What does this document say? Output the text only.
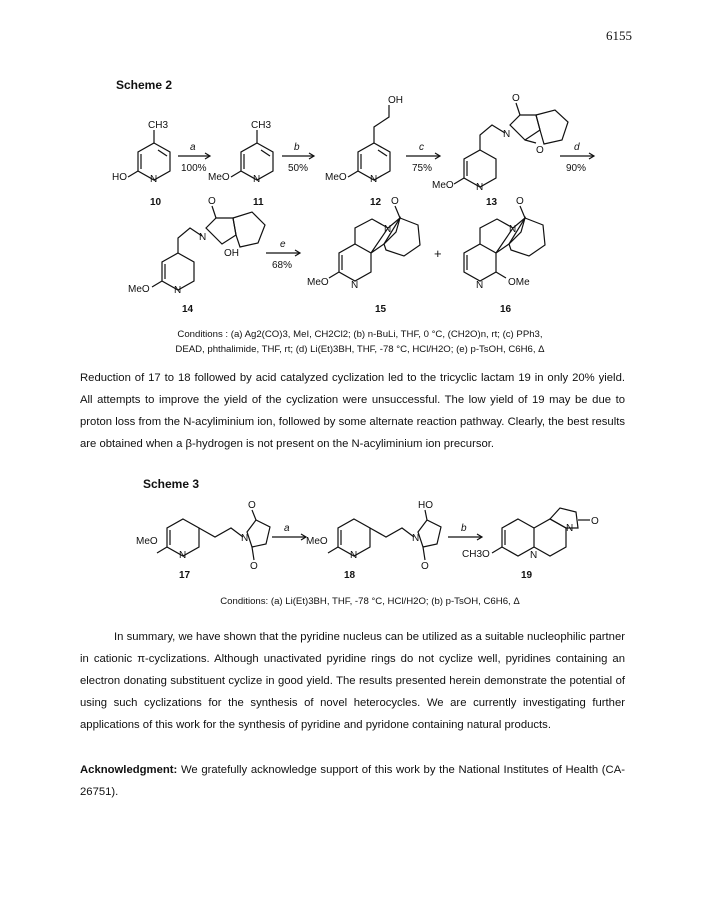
6155
Scheme 2
CH3
HO N
10
CH3
MeO N
11
OH
MeO N
12
O
O
N
MeO N
13
O
OH
N
MeO N
14
O
N
MeO N
15
O
N
OMe
N
16
+
a
100%
b
50%
c
75%
d
90%
e
68%
MeO
N
N
O
O
17
a
MeO
N
N
HO
O
18
b
CH3O	N
N
O
19
Conditions : (a) Ag2(CO)3, MeI, CH2Cl2; (b) n-BuLi, THF, 0 °C, (CH2O)n, rt; (c) PPh3,
DEAD, phthalimide, THF, rt; (d) Li(Et)3BH, THF, -78 °C, HCl/H2O; (e) p-TsOH, C6H6, Δ
Reduction of 17 to 18 followed by acid catalyzed cyclization led to the tricyclic lactam 19 in only 20% yield. All attempts to improve the yield of the cyclization were unsuccessful. The low yield of 19 may be due to proton loss from the N-acyliminium ion, followed by some alternate reaction pathway. Clearly, the best results are obtained when a β-hydrogen is not present on the N-acyliminium ion precursor.
Scheme 3
Conditions: (a) Li(Et)3BH, THF, -78 °C, HCl/H2O; (b) p-TsOH, C6H6, Δ
In summary, we have shown that the pyridine nucleus can be utilized as a suitable nucleophilic partner in cationic π-cyclizations. Although unactivated pyridine rings do not cyclize well, pyridines containing an electron donating substituent cyclize in good yield. The results presented herein demonstrate the potential of using such cyclizations for the synthesis of novel heterocycles. We are currently investigating further applications of this work for the synthesis of pyridine and pyridone containing natural products.
Acknowledgment: We gratefully acknowledge support of this work by the National Institutes of Health (CA-26751).
